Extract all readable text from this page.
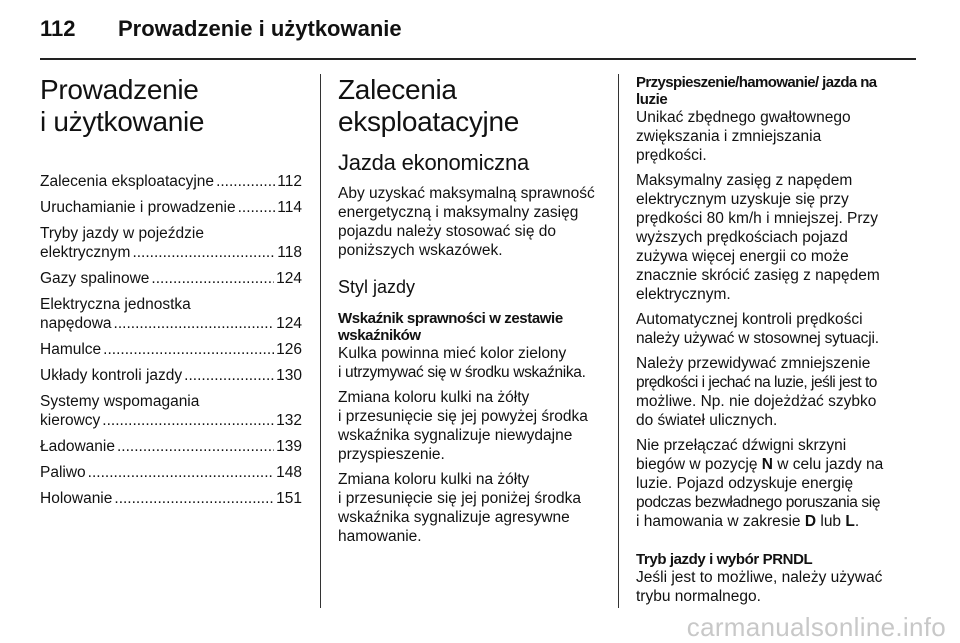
112 Prowadzenie i użytkowanie
Prowadzenie
i użytkowanie
Zalecenia eksploatacyjne .....	112
Uruchamianie i prowadzenie .....	114
Tryby jazdy w pojeździe
elektrycznym .....	118
Gazy spalinowe .....	124
Elektryczna jednostka
napędowa .....	124
Hamulce .....	126
Układy kontroli jazdy .....	130
Systemy wspomagania
kierowcy .....	132
Ładowanie .....	139
Paliwo .....	148
Holowanie .....	151
Zalecenia
eksploatacyjne
Jazda ekonomiczna

Aby uzyskać maksymalną sprawność
energetyczną i maksymalny zasięg
pojazdu należy stosować się do
poniższych wskazówek.

Styl jazdy
Wskaźnik sprawności w zestawie
wskaźników

Kulka powinna mieć kolor zielony
i utrzymywać się w środku wskaźnika.

Zmiana koloru kulki na żółty
i przesunięcie się jej powyżej środka
wskaźnika sygnalizuje niewydajne
przyspieszenie.

Zmiana koloru kulki na żółty
i przesunięcie się jej poniżej środka
wskaźnika sygnalizuje agresywne
hamowanie.

Przyspieszenie/hamowanie/ jazda na
luzie

Unikać zbędnego gwałtownego
zwiększania i zmniejszania
prędkości.

Maksymalny zasięg z napędem
elektrycznym uzyskuje się przy
prędkości 80 km/h i mniejszej. Przy
wyższych prędkościach pojazd
zużywa więcej energii co może
znacznie skrócić zasięg z napędem
elektrycznym.

Automatycznej kontroli prędkości
należy używać w stosownej sytuacji.

Należy przewidywać zmniejszenie
prędkości i jechać na luzie, jeśli jest to
możliwe. Np. nie dojeżdżać szybko
do świateł ulicznych.

Nie przełączać dźwigni skrzyni
biegów w pozycję N w celu jazdy na
luzie. Pojazd odzyskuje energię
podczas bezwładnego poruszania się
i hamowania w zakresie D lub L.

Tryb jazdy i wybór PRNDL

Jeśli jest to możliwe, należy używać
trybu normalnego.

carmanualsonline.info
